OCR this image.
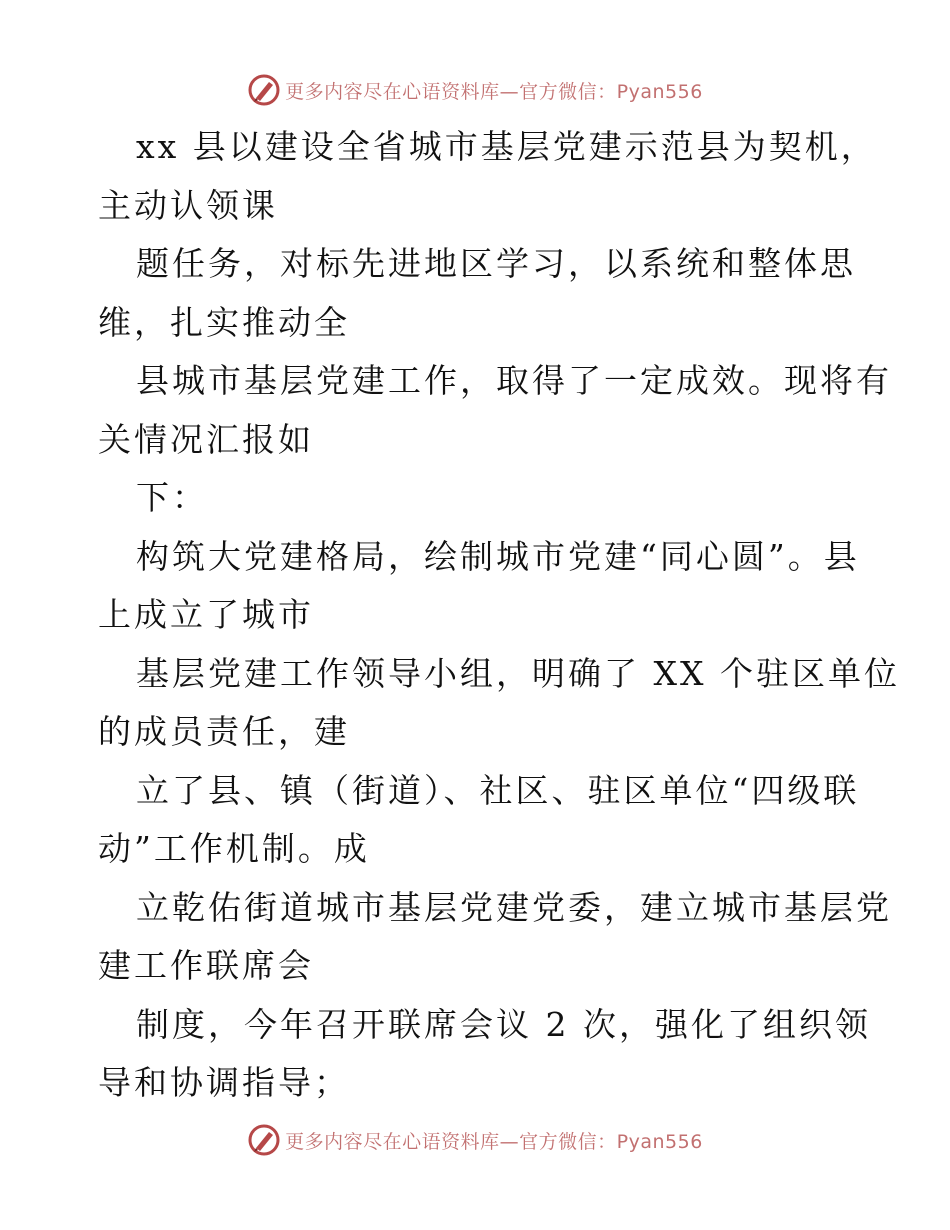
更多内容尽在心语资料库—官方微信：Pyan556

xx 县以建设全省城市基层党建示范县为契机，
主动认领课

题任务，对标先进地区学习，以系统和整体思
维，扎实推动全

县城市基层党建工作，取得了一定成效。现将有
关情况汇报如

下：

构筑大党建格局，绘制城市党建“同心圆”。县
上成立了城市

基层党建工作领导小组，明确了 XX 个驻区单位
的成员责任，建

立了县、镇（街道）、社区、驻区单位“四级联
动”工作机制。成

立乾佑街道城市基层党建党委，建立城市基层党
建工作联席会

制度，今年召开联席会议 2 次，强化了组织领
导和协调指导；

更多内容尽在心语资料库—官方微信：Pyan556
